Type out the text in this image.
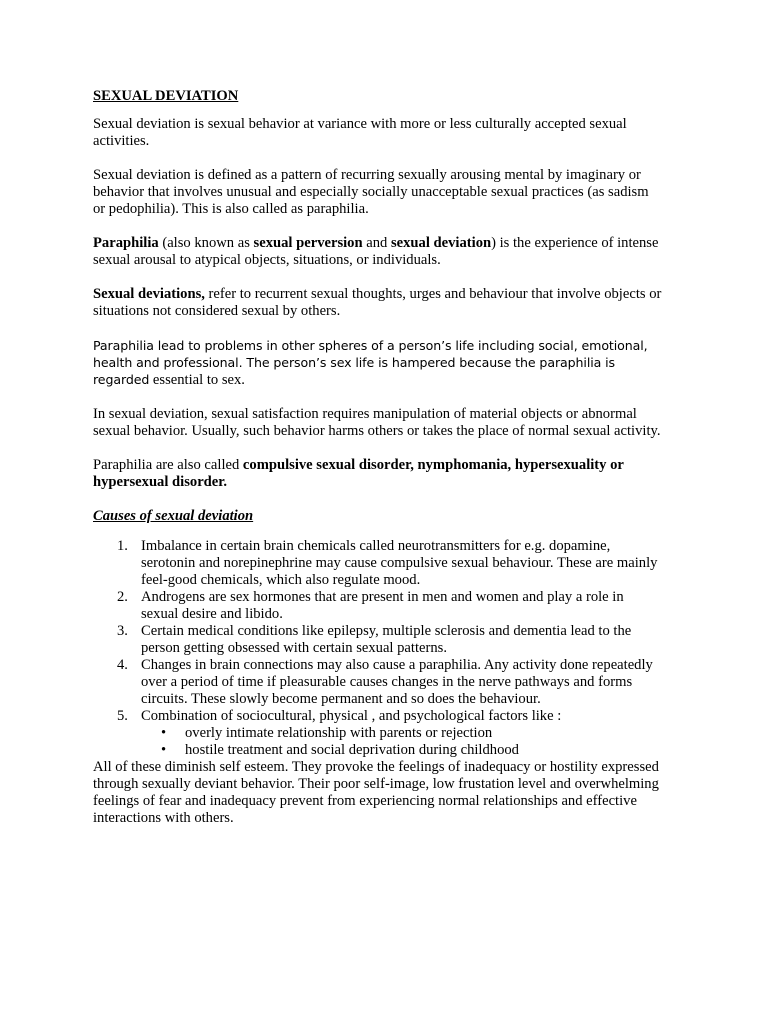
SEXUAL DEVIATION

Sexual deviation is sexual behavior at variance with more or less culturally accepted sexual activities.

Sexual deviation is defined as a pattern of recurring sexually arousing mental by imaginary or behavior that involves unusual and especially socially unacceptable sexual practices (as sadism or pedophilia). This is also called as paraphilia.

Paraphilia (also known as sexual perversion and sexual deviation) is the experience of intense sexual arousal to atypical objects, situations, or individuals.

Sexual deviations, refer to recurrent sexual thoughts, urges and behaviour that involve objects or situations not considered sexual by others.

Paraphilia lead to problems in other spheres of a person’s life including social, emotional, health and professional. The person’s sex life is hampered because the paraphilia is regarded essential to sex.

In sexual deviation, sexual satisfaction requires manipulation of material objects or abnormal sexual behavior. Usually, such behavior harms others or takes the place of normal sexual activity.

Paraphilia are also called compulsive sexual disorder, nymphomania, hypersexuality or hypersexual disorder.

Causes of sexual deviation
1. Imbalance in certain brain chemicals called neurotransmitters for e.g. dopamine, serotonin and norepinephrine may cause compulsive sexual behaviour. These are mainly feel-good chemicals, which also regulate mood.
2. Androgens are sex hormones that are present in men and women and play a role in sexual desire and libido.
3. Certain medical conditions like epilepsy, multiple sclerosis and dementia lead to the person getting obsessed with certain sexual patterns.
4. Changes in brain connections may also cause a paraphilia. Any activity done repeatedly over a period of time if pleasurable causes changes in the nerve pathways and forms circuits. These slowly become permanent and so does the behaviour.
5. Combination of sociocultural, physical , and psychological factors like :
• overly intimate relationship with parents or rejection
• hostile treatment and social deprivation during childhood

All of these diminish self esteem. They provoke the feelings of inadequacy or hostility expressed through sexually deviant behavior. Their poor self-image, low frustation level and overwhelming feelings of fear and inadequacy prevent from experiencing normal relationships and effective interactions with others.
